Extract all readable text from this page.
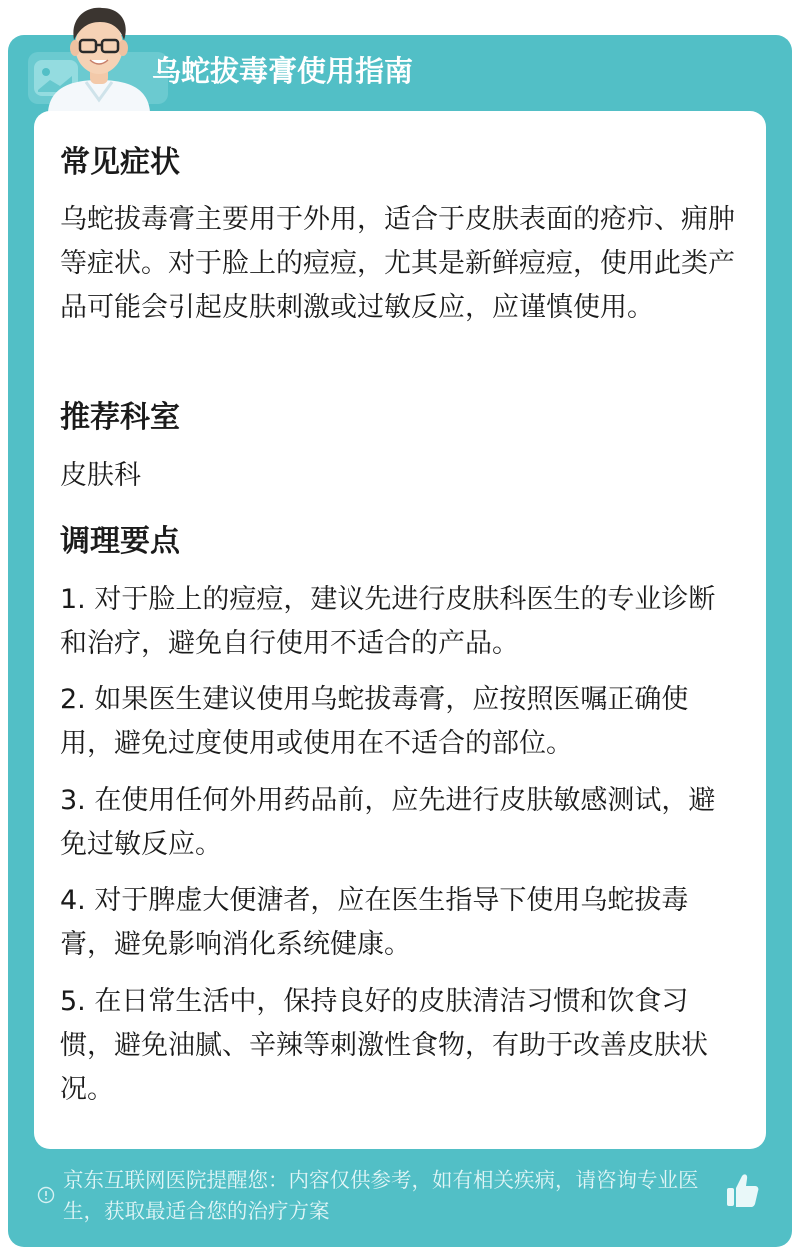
乌蛇拔毒膏使用指南
常见症状
乌蛇拔毒膏主要用于外用，适合于皮肤表面的疮疖、痈肿等症状。对于脸上的痘痘，尤其是新鲜痘痘，使用此类产品可能会引起皮肤刺激或过敏反应，应谨慎使用。
推荐科室
皮肤科
调理要点
1. 对于脸上的痘痘，建议先进行皮肤科医生的专业诊断和治疗，避免自行使用不适合的产品。
2. 如果医生建议使用乌蛇拔毒膏，应按照医嘱正确使用，避免过度使用或使用在不适合的部位。
3. 在使用任何外用药品前，应先进行皮肤敏感测试，避免过敏反应。
4. 对于脾虚大便溏者，应在医生指导下使用乌蛇拔毒膏，避免影响消化系统健康。
5. 在日常生活中，保持良好的皮肤清洁习惯和饮食习惯，避免油腻、辛辣等刺激性食物，有助于改善皮肤状况。
京东互联网医院提醒您：内容仅供参考，如有相关疾病，请咨询专业医生，获取最适合您的治疗方案
